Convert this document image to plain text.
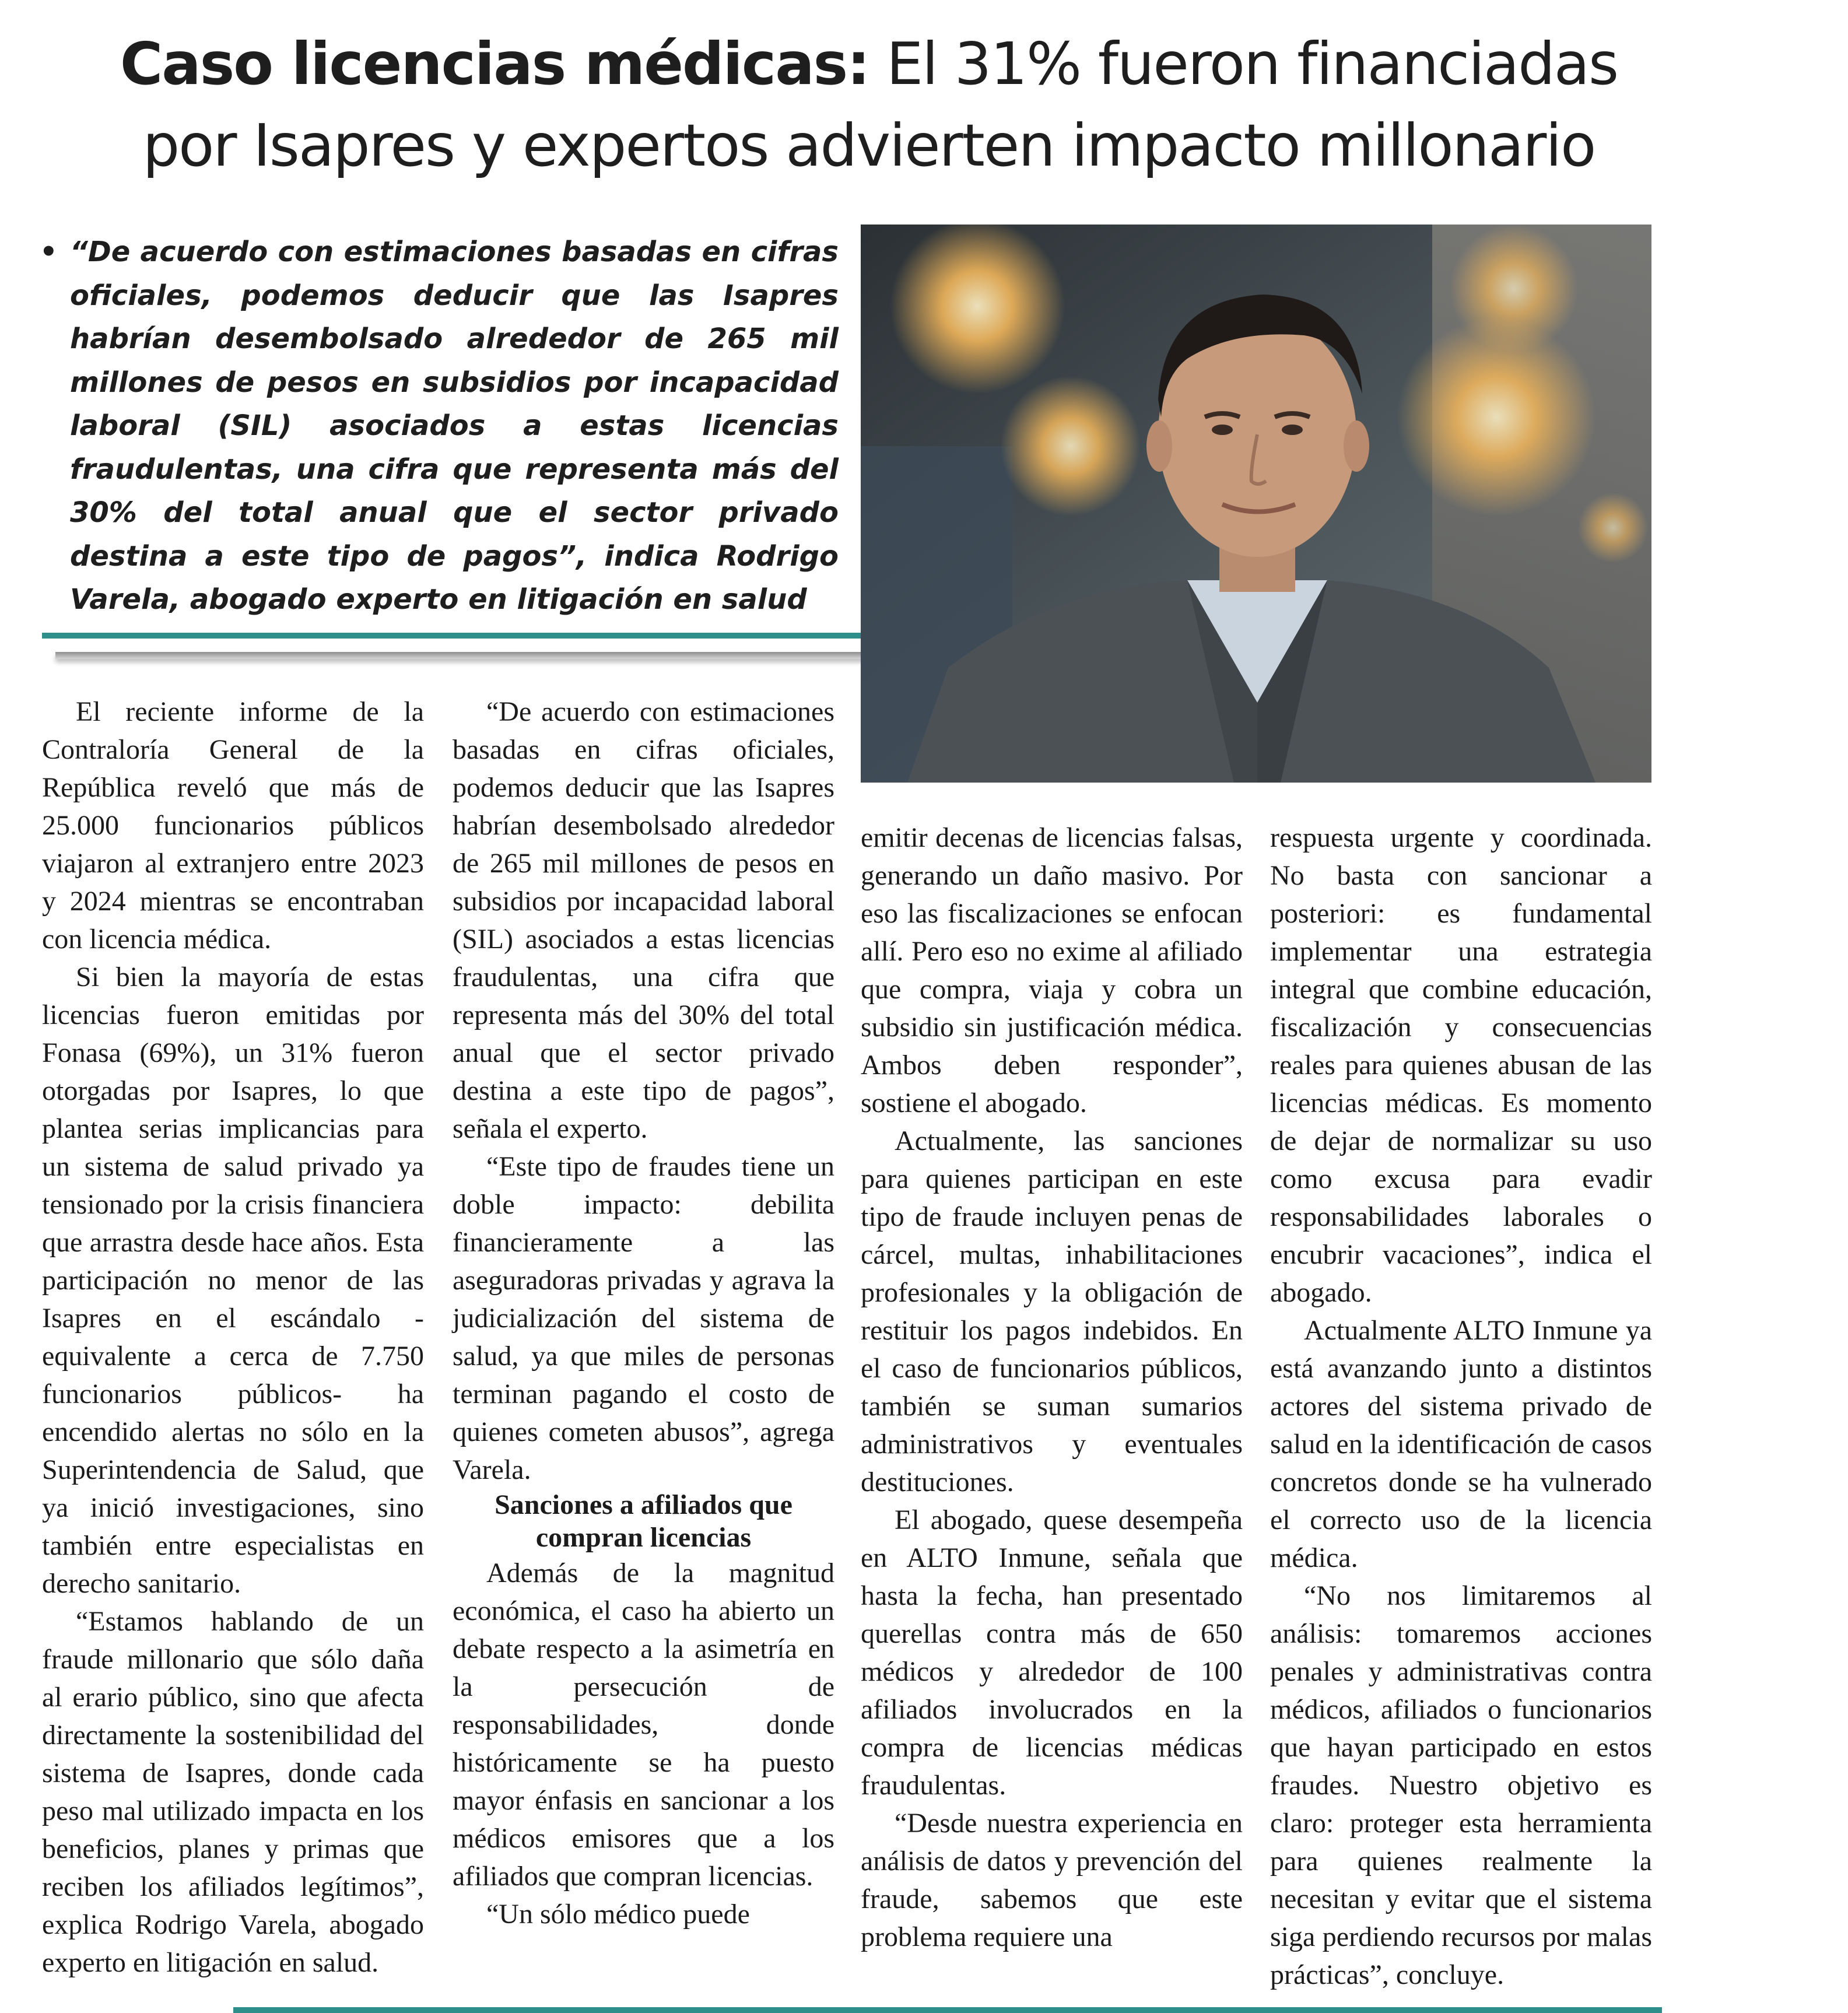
Caso licencias médicas: El 31% fueron financiadas por Isapres y expertos advierten impacto millonario
• “De acuerdo con estimaciones basadas en cifras oficiales, podemos deducir que las Isapres habrían desembolsado alrededor de 265 mil millones de pesos en subsidios por incapacidad laboral (SIL) asociados a estas licencias fraudulentas, una cifra que representa más del 30% del total anual que el sector privado destina a este tipo de pagos”, indica Rodrigo Varela, abogado experto en litigación en salud

El reciente informe de la Contraloría General de la República reveló que más de 25.000 funcionarios públicos viajaron al extranjero entre 2023 y 2024 mientras se encontraban con licencia médica.

Si bien la mayoría de estas licencias fueron emitidas por Fonasa (69%), un 31% fueron otorgadas por Isapres, lo que plantea serias implicancias para un sistema de salud privado ya tensionado por la crisis financiera que arrastra desde hace años. Esta participación no menor de las Isapres en el escándalo -equivalente a cerca de 7.750 funcionarios públicos- ha encendido alertas no sólo en la Superintendencia de Salud, que ya inició investigaciones, sino también entre especialistas en derecho sanitario.

“Estamos hablando de un fraude millonario que sólo daña al erario público, sino que afecta directamente la sostenibilidad del sistema de Isapres, donde cada peso mal utilizado impacta en los beneficios, planes y primas que reciben los afiliados legítimos”, explica Rodrigo Varela, abogado experto en litigación en salud.

“De acuerdo con estimaciones basadas en cifras oficiales, podemos deducir que las Isapres habrían desembolsado alrededor de 265 mil millones de pesos en subsidios por incapacidad laboral (SIL) asociados a estas licencias fraudulentas, una cifra que representa más del 30% del total anual que el sector privado destina a este tipo de pagos”, señala el experto.

“Este tipo de fraudes tiene un doble impacto: debilita financieramente a las aseguradoras privadas y agrava la judicialización del sistema de salud, ya que miles de personas terminan pagando el costo de quienes cometen abusos”, agrega Varela.

Sanciones a afiliados que compran licencias

Además de la magnitud económica, el caso ha abierto un debate respecto a la asimetría en la persecución de responsabilidades, donde históricamente se ha puesto mayor énfasis en sancionar a los médicos emisores que a los afiliados que compran licencias.

“Un sólo médico puede

emitir decenas de licencias falsas, generando un daño masivo. Por eso las fiscalizaciones se enfocan allí. Pero eso no exime al afiliado que compra, viaja y cobra un subsidio sin justificación médica. Ambos deben responder”, sostiene el abogado.

Actualmente, las sanciones para quienes participan en este tipo de fraude incluyen penas de cárcel, multas, inhabilitaciones profesionales y la obligación de restituir los pagos indebidos. En el caso de funcionarios públicos, también se suman sumarios administrativos y eventuales destituciones.

El abogado, quese desempeña en ALTO Inmune, señala que hasta la fecha, han presentado querellas contra más de 650 médicos y alrededor de 100 afiliados involucrados en la compra de licencias médicas fraudulentas.

“Desde nuestra experiencia en análisis de datos y prevención del fraude, sabemos que este problema requiere una

respuesta urgente y coordinada. No basta con sancionar a posteriori: es fundamental implementar una estrategia integral que combine educación, fiscalización y consecuencias reales para quienes abusan de las licencias médicas. Es momento de dejar de normalizar su uso como excusa para evadir responsabilidades laborales o encubrir vacaciones”, indica el abogado.

Actualmente ALTO Inmune ya está avanzando junto a distintos actores del sistema privado de salud en la identificación de casos concretos donde se ha vulnerado el correcto uso de la licencia médica.

“No nos limitaremos al análisis: tomaremos acciones penales y administrativas contra médicos, afiliados o funcionarios que hayan participado en estos fraudes. Nuestro objetivo es claro: proteger esta herramienta para quienes realmente la necesitan y evitar que el sistema siga perdiendo recursos por malas prácticas”, concluye.
